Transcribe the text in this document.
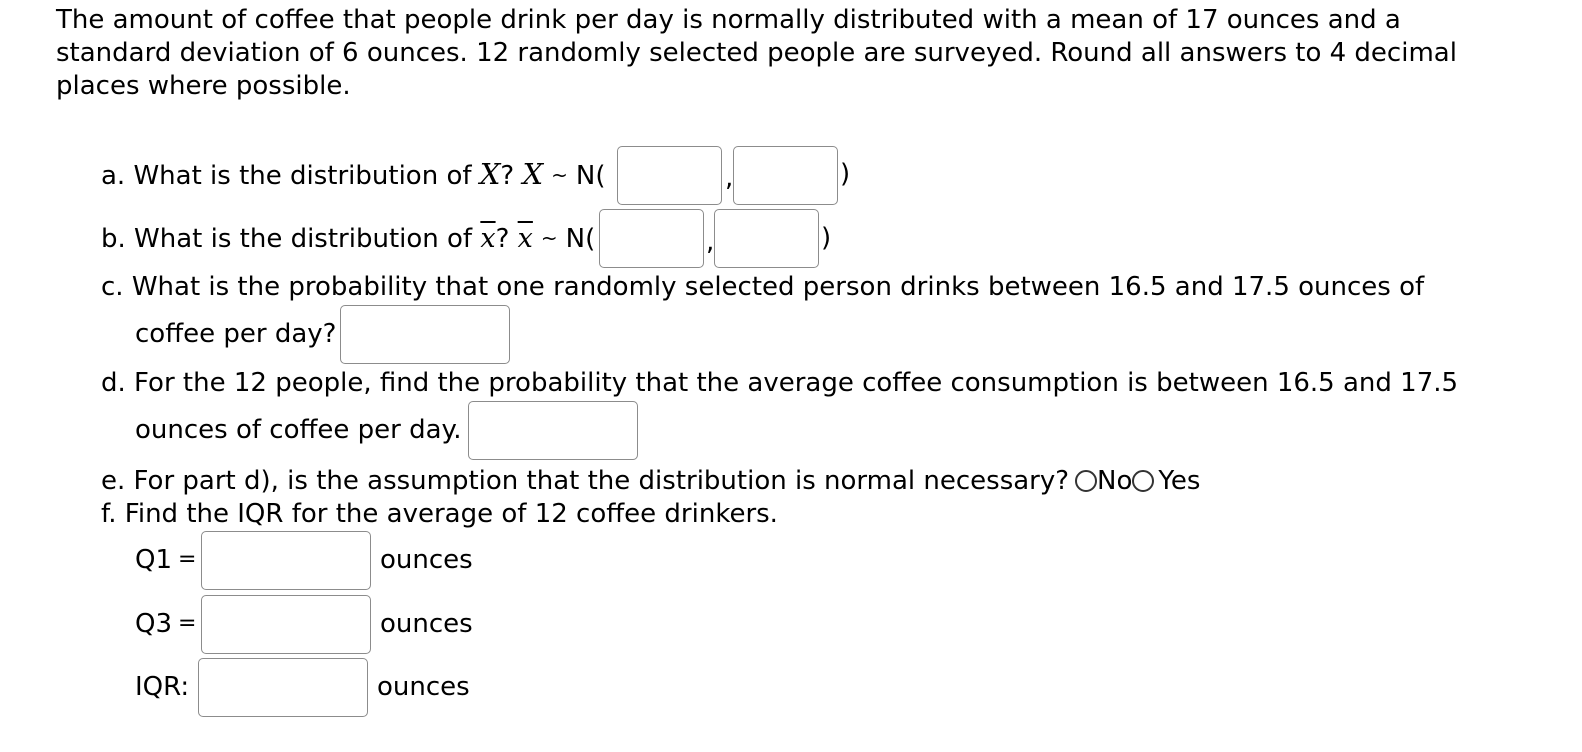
The amount of coffee that people drink per day is normally distributed with a mean of 17 ounces and a standard deviation of 6 ounces. 12 randomly selected people are surveyed. Round all answers to 4 decimal places where possible.

a. What is the distribution of X? X ~ N(	,	)
b. What is the distribution of $\overline{x}$? $\overline{x}$ ~ N(	,	)
c. What is the probability that one randomly selected person drinks between 16.5 and 17.5 ounces of
coffee per day?
d. For the 12 people, find the probability that the average coffee consumption is between 16.5 and 17.5
ounces of coffee per day.
e. For part d), is the assumption that the distribution is normal necessary? No Yes
f. Find the IQR for the average of 12 coffee drinkers.
Q1 =	ounces
Q3 =	ounces
IQR:	ounces
